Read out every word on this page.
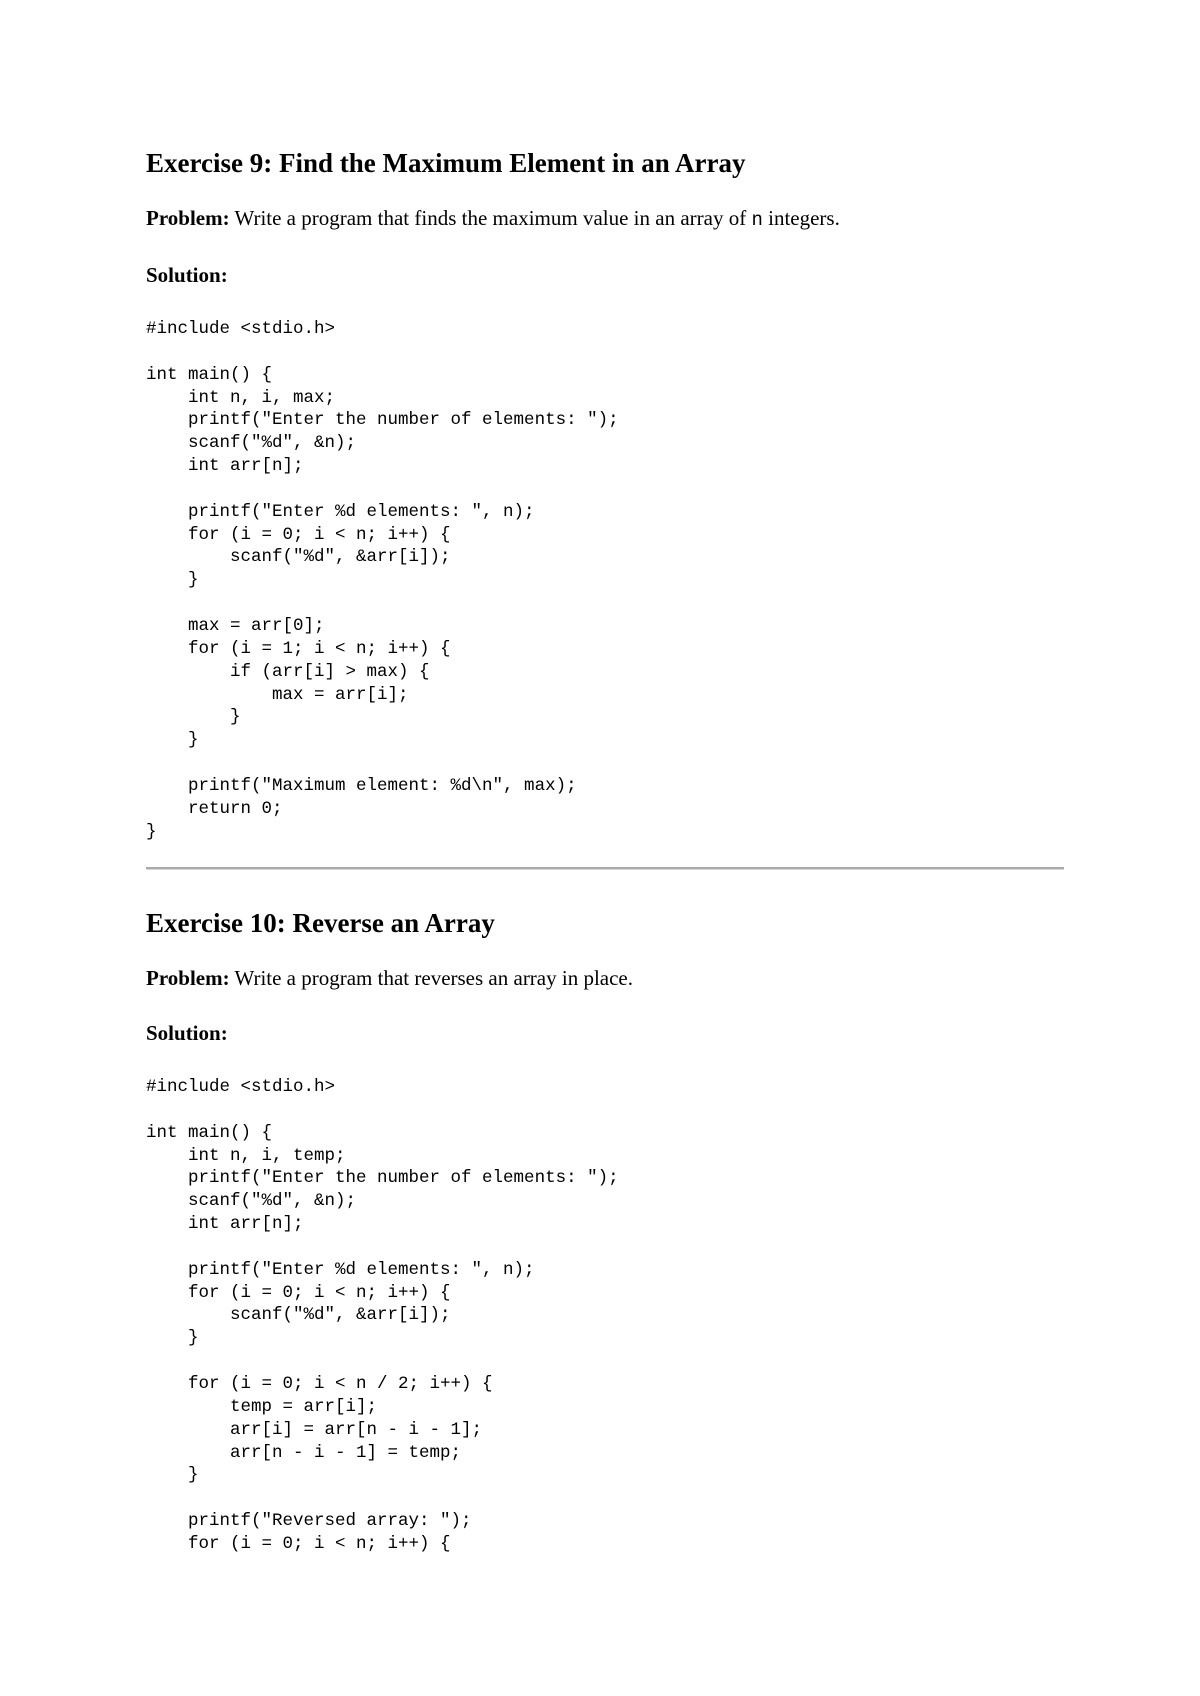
Exercise 9: Find the Maximum Element in an Array

Problem: Write a program that finds the maximum value in an array of n integers.

Solution:

#include <stdio.h>

int main() {
int n, i, max;
printf("Enter the number of elements: ");
scanf("%d", &n);
int arr[n];

printf("Enter %d elements: ", n);
for (i = 0; i < n; i++) {
scanf("%d", &arr[i]);
}

max = arr[0];
for (i = 1; i < n; i++) {
if (arr[i] > max) {
max = arr[i];
}
}

printf("Maximum element: %d\n", max);
return 0;
}
Exercise 10: Reverse an Array

Problem: Write a program that reverses an array in place.

Solution:

#include <stdio.h>

int main() {
int n, i, temp;
printf("Enter the number of elements: ");
scanf("%d", &n);
int arr[n];

printf("Enter %d elements: ", n);
for (i = 0; i < n; i++) {
scanf("%d", &arr[i]);
}

for (i = 0; i < n / 2; i++) {
temp = arr[i];
arr[i] = arr[n - i - 1];
arr[n - i - 1] = temp;
}

printf("Reversed array: ");
for (i = 0; i < n; i++) {
